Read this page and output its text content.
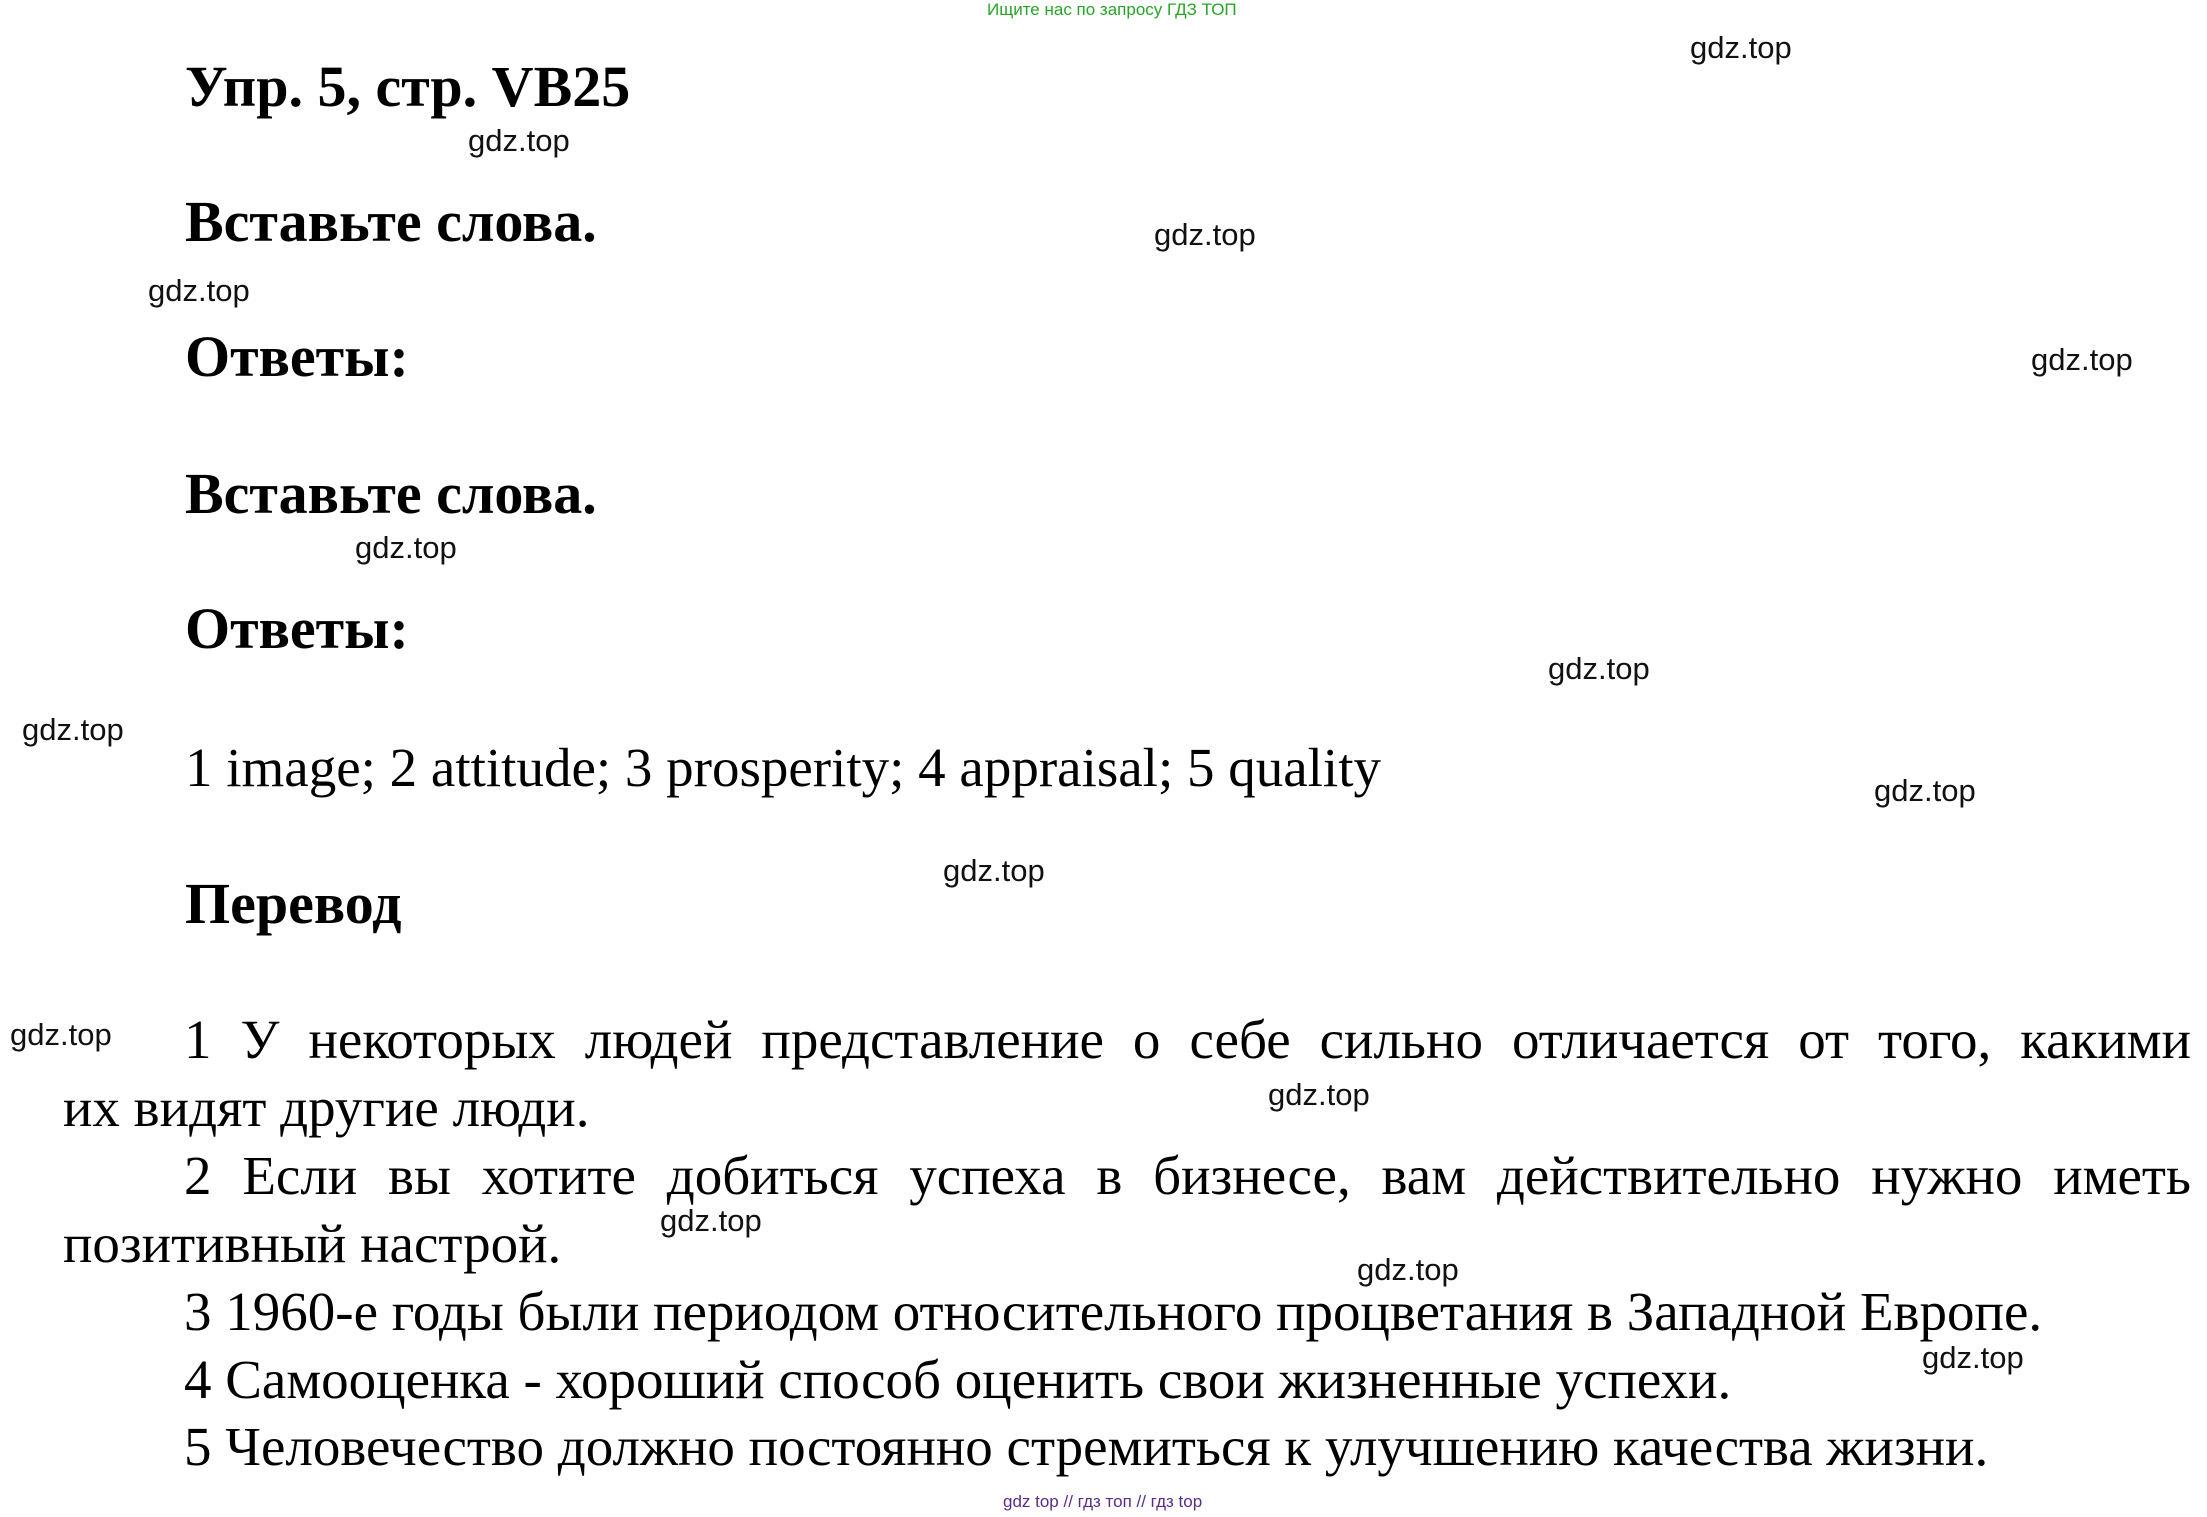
Ищите нас по запросу ГДЗ ТОП
Упр. 5, стр. VB25
Вставьте слова.
Ответы:
Вставьте слова.
Ответы:
1 image; 2 attitude; 3 prosperity; 4 appraisal; 5 quality
Перевод
1 У некоторых людей представление о себе сильно отличается от того, какими
их видят другие люди.
2 Если вы хотите добиться успеха в бизнесе, вам действительно нужно иметь
позитивный настрой.
3 1960-е годы были периодом относительного процветания в Западной Европе.
4 Самооценка - хороший способ оценить свои жизненные успехи.
5 Человечество должно постоянно стремиться к улучшению качества жизни.
gdz.top
gdz.top
gdz.top
gdz.top
gdz.top
gdz.top
gdz.top
gdz.top
gdz.top
gdz.top
gdz.top
gdz.top
gdz.top
gdz.top
gdz.top
gdz top // гдз топ // гдз top
